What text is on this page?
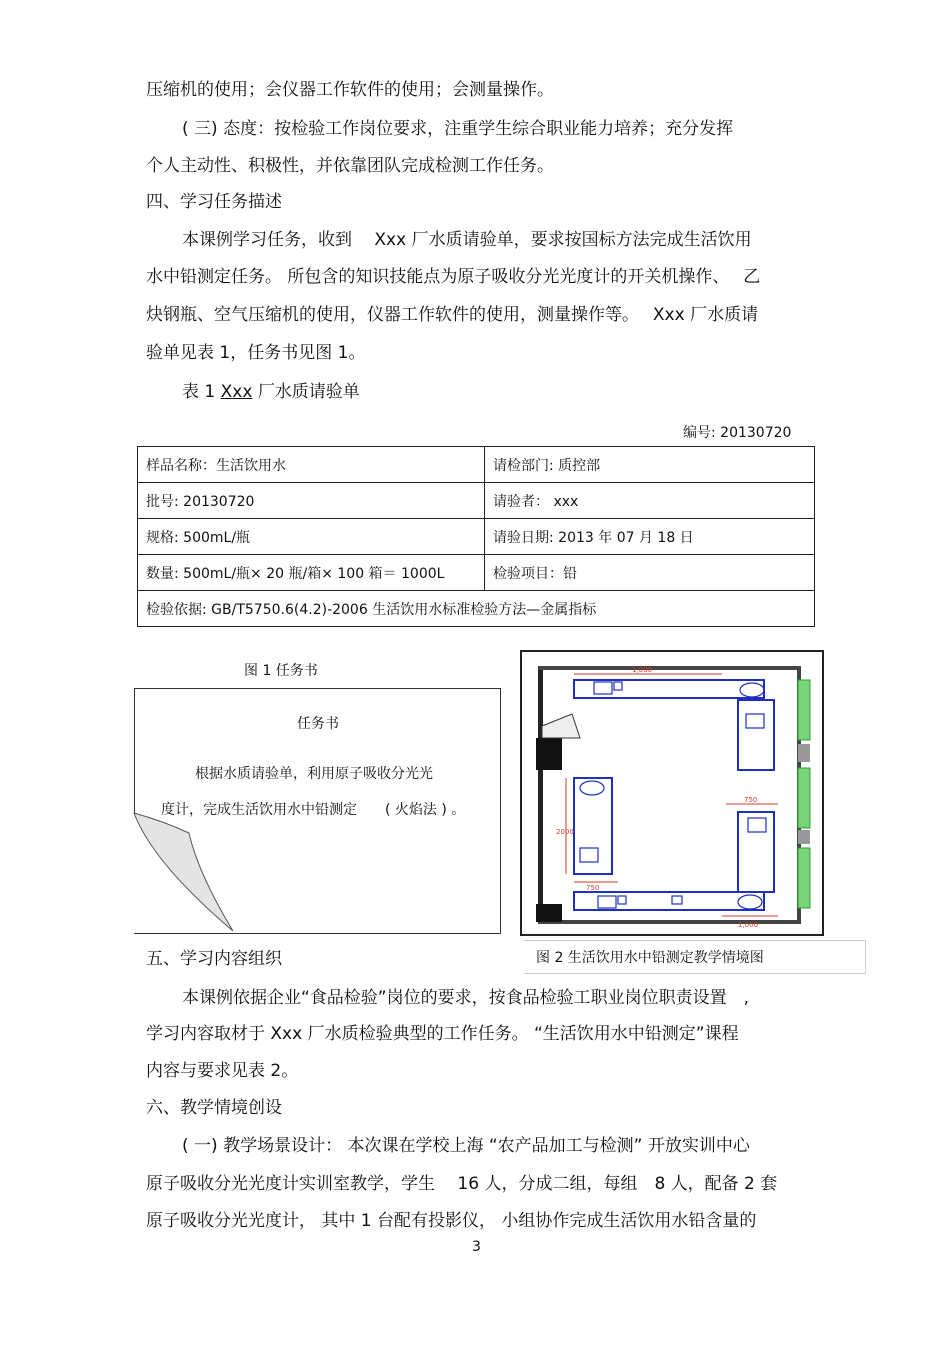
压缩机的使用；会仪器工作软件的使用；会测量操作。
( 三) 态度：按检验工作岗位要求，注重学生综合职业能力培养；充分发挥
个人主动性、积极性，并依靠团队完成检测工作任务。
四、学习任务描述
本课例学习任务，收到　 Xxx 厂水质请验单，要求按国标方法完成生活饮用
水中铅测定任务。 所包含的知识技能点为原子吸收分光光度计的开关机操作、　 乙
炔钢瓶、空气压缩机的使用，仪器工作软件的使用，测量操作等。　 Xxx 厂水质请
验单见表 1，任务书见图 1。
表 1 Xxx 厂水质请验单
编号: 20130720
样品名称：生活饮用水	请检部门: 质控部
批号: 20130720	请验者： xxx
规格: 500mL/瓶	请验日期: 2013 年 07 月 18 日
数量: 500mL/瓶× 20 瓶/箱× 100 箱＝ 1000L	检验项目：铅
检验依据: GB/T5750.6(4.2)-2006 生活饮用水标准检验方法—金属指标	
图 1 任务书
任务书
根据水质请验单，利用原子吸收分光光
度计，完成生活饮用水中铅测定　　( 火焰法 ) 。
1,000
750
2000
750
1,000
图 2 生活饮用水中铅测定教学情境图
五、学习内容组织
本课例依据企业“食品检验”岗位的要求，按食品检验工职业岗位职责设置　,
学习内容取材于 Xxx 厂水质检验典型的工作任务。 “生活饮用水中铅测定”课程
内容与要求见表 2。
六、教学情境创设
( 一) 教学场景设计： 本次课在学校上海 “农产品加工与检测” 开放实训中心
原子吸收分光光度计实训室教学，学生　 16 人，分成二组，每组　8 人，配备 2 套
原子吸收分光光度计， 其中 1 台配有投影仪， 小组协作完成生活饮用水铅含量的
3
